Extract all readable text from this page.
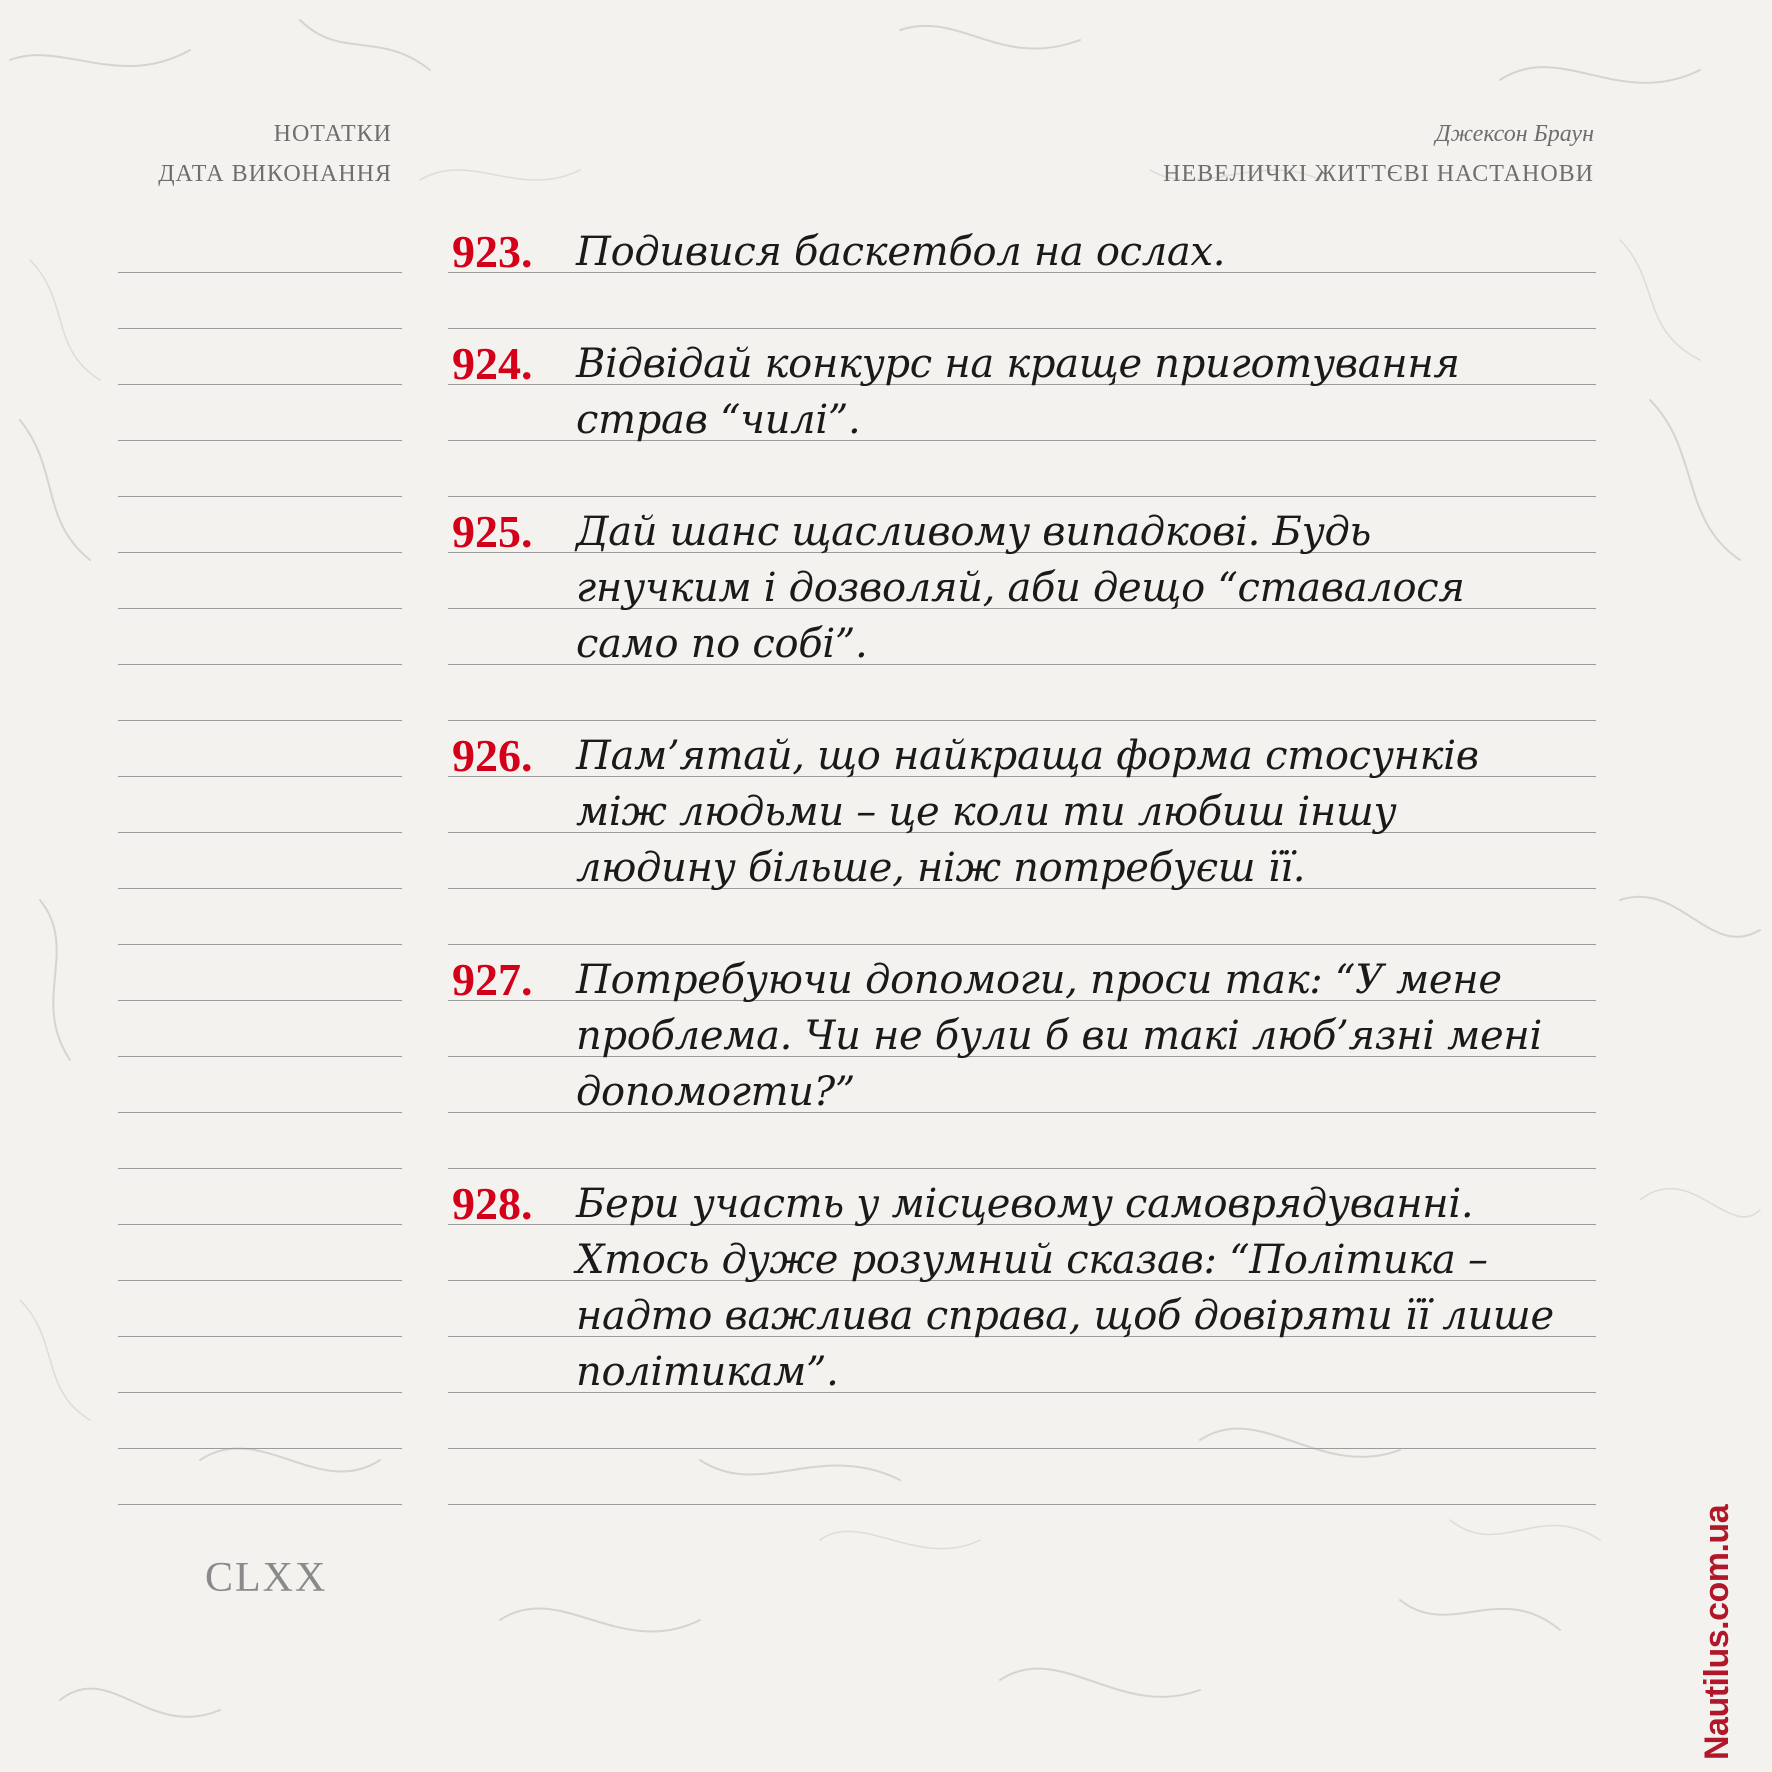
НОТАТКИ
ДАТА ВИКОНАННЯ
Джексон Браун
НЕВЕЛИЧКІ ЖИТТЄВІ НАСТАНОВИ
923. Подивися баскетбол на ослах.
924. Відвідай конкурс на краще приготування
страв “чилі”.
925. Дай шанс щасливому випадкові. Будь
гнучким і дозволяй, аби дещо “ставалося
само по собі”.
926. Пам’ятай, що найкраща форма стосунків
між людьми – це коли ти любиш іншу
людину більше, ніж потребуєш її.
927. Потребуючи допомоги, проси так: “У мене
проблема. Чи не були б ви такі люб’язні мені
допомогти?”
928. Бери участь у місцевому самоврядуванні.
Хтось дуже розумний сказав: “Політика –
надто важлива справа, щоб довіряти її лише
політикам”.
CLXX	Nautilus.com.ua
